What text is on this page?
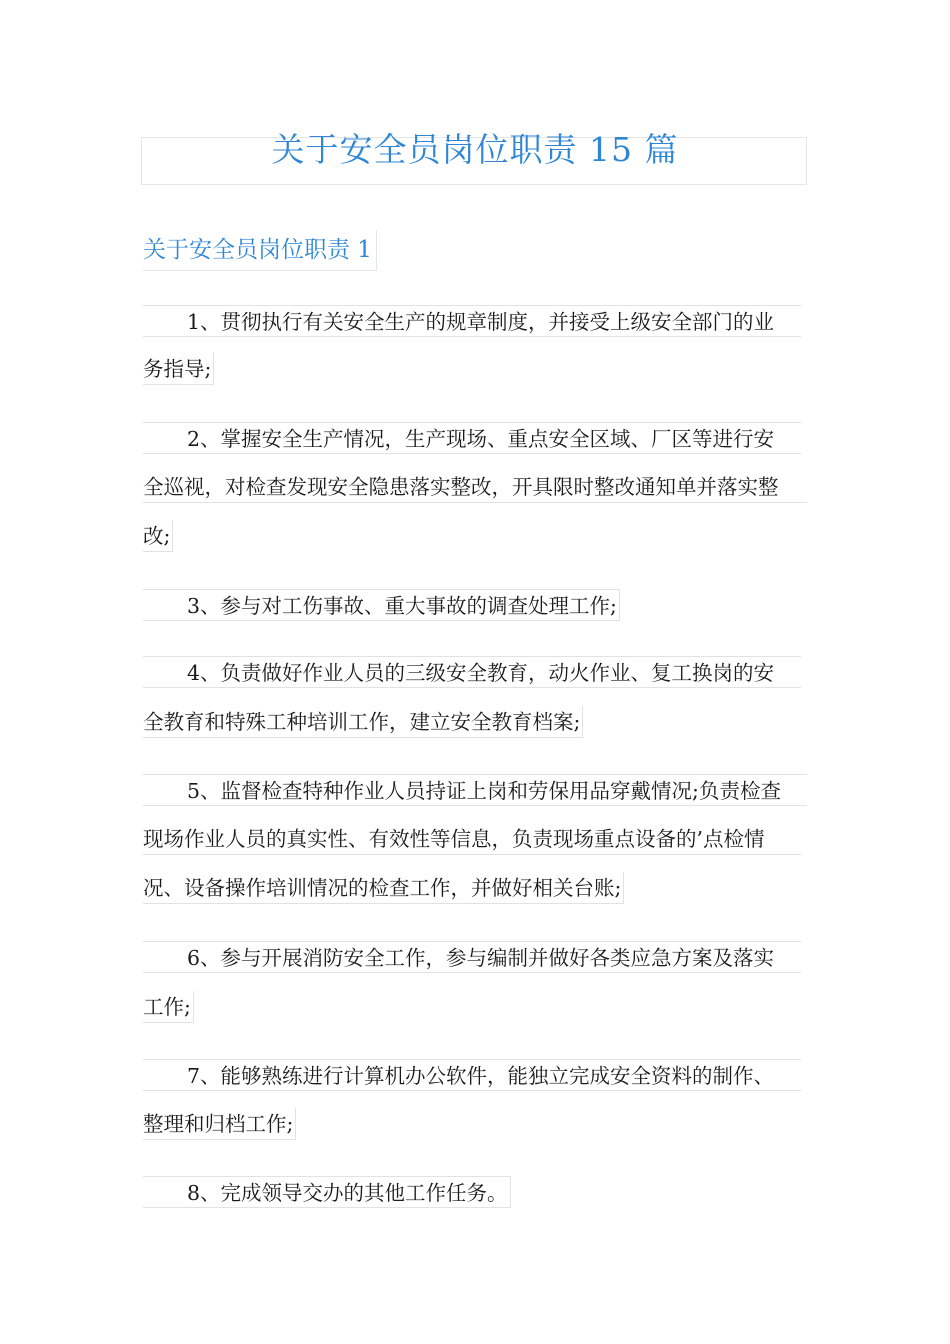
关于安全员岗位职责 15 篇
关于安全员岗位职责 1
1、贯彻执行有关安全生产的规章制度，并接受上级安全部门的业
务指导;
2、掌握安全生产情况，生产现场、重点安全区域、厂区等进行安
全巡视，对检查发现安全隐患落实整改，开具限时整改通知单并落实整
改;
3、参与对工伤事故、重大事故的调查处理工作;
4、负责做好作业人员的三级安全教育，动火作业、复工换岗的安
全教育和特殊工种培训工作，建立安全教育档案;
5、监督检查特种作业人员持证上岗和劳保用品穿戴情况;负责检查
现场作业人员的真实性、有效性等信息，负责现场重点设备的’点检情
况、设备操作培训情况的检查工作，并做好相关台账;
6、参与开展消防安全工作，参与编制并做好各类应急方案及落实
工作;
7、能够熟练进行计算机办公软件，能独立完成安全资料的制作、
整理和归档工作;
8、完成领导交办的其他工作任务。
